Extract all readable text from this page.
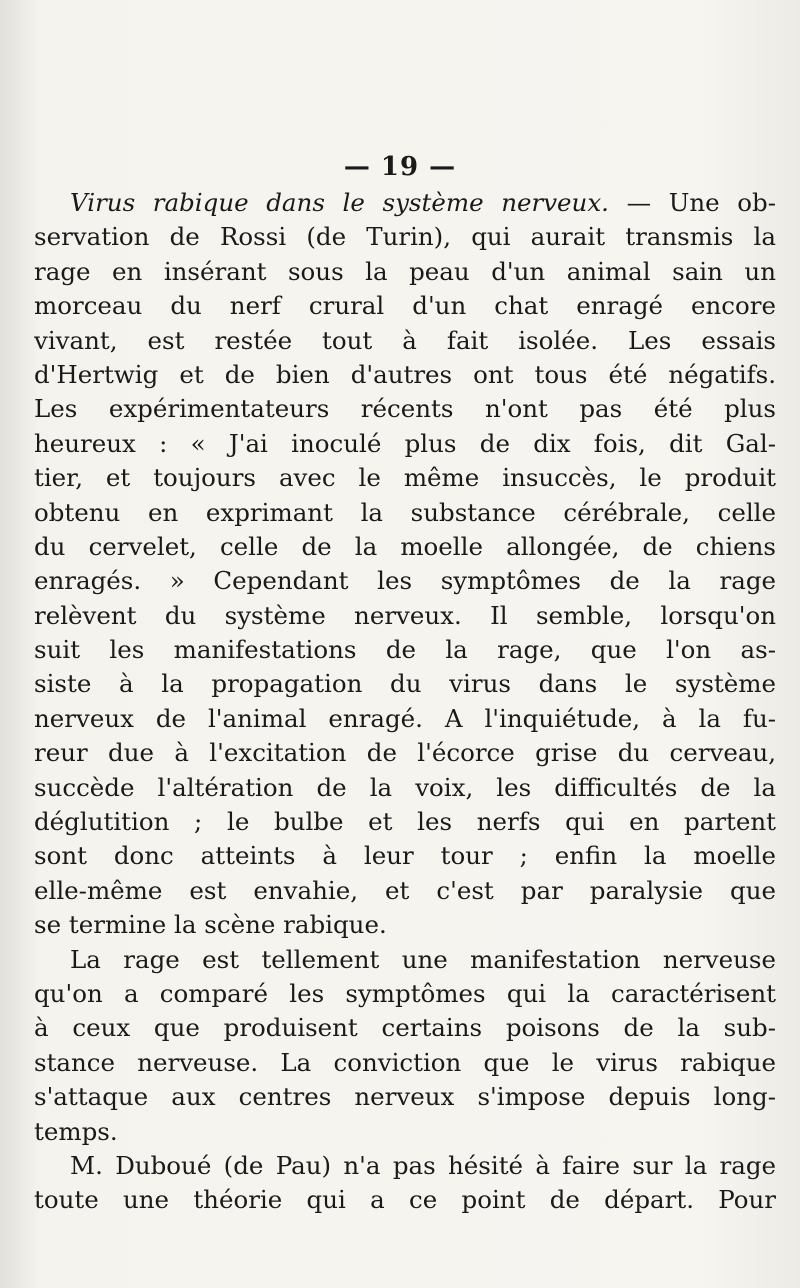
— 19 —
Virus rabique dans le système nerveux. — Une ob-
servation de Rossi (de Turin), qui aurait transmis la
rage en insérant sous la peau d'un animal sain un
morceau du nerf crural d'un chat enragé encore
vivant, est restée tout à fait isolée. Les essais
d'Hertwig et de bien d'autres ont tous été négatifs.
Les expérimentateurs récents n'ont pas été plus
heureux : « J'ai inoculé plus de dix fois, dit Gal-
tier, et toujours avec le même insuccès, le produit
obtenu en exprimant la substance cérébrale, celle
du cervelet, celle de la moelle allongée, de chiens
enragés. » Cependant les symptômes de la rage
relèvent du système nerveux. Il semble, lorsqu'on
suit les manifestations de la rage, que l'on as-
siste à la propagation du virus dans le système
nerveux de l'animal enragé. A l'inquiétude, à la fu-
reur due à l'excitation de l'écorce grise du cerveau,
succède l'altération de la voix, les difficultés de la
déglutition ; le bulbe et les nerfs qui en partent
sont donc atteints à leur tour ; enfin la moelle
elle-même est envahie, et c'est par paralysie que
se termine la scène rabique.
La rage est tellement une manifestation nerveuse
qu'on a comparé les symptômes qui la caractérisent
à ceux que produisent certains poisons de la sub-
stance nerveuse. La conviction que le virus rabique
s'attaque aux centres nerveux s'impose depuis long-
temps.
M. Duboué (de Pau) n'a pas hésité à faire sur la rage
toute une théorie qui a ce point de départ. Pour
